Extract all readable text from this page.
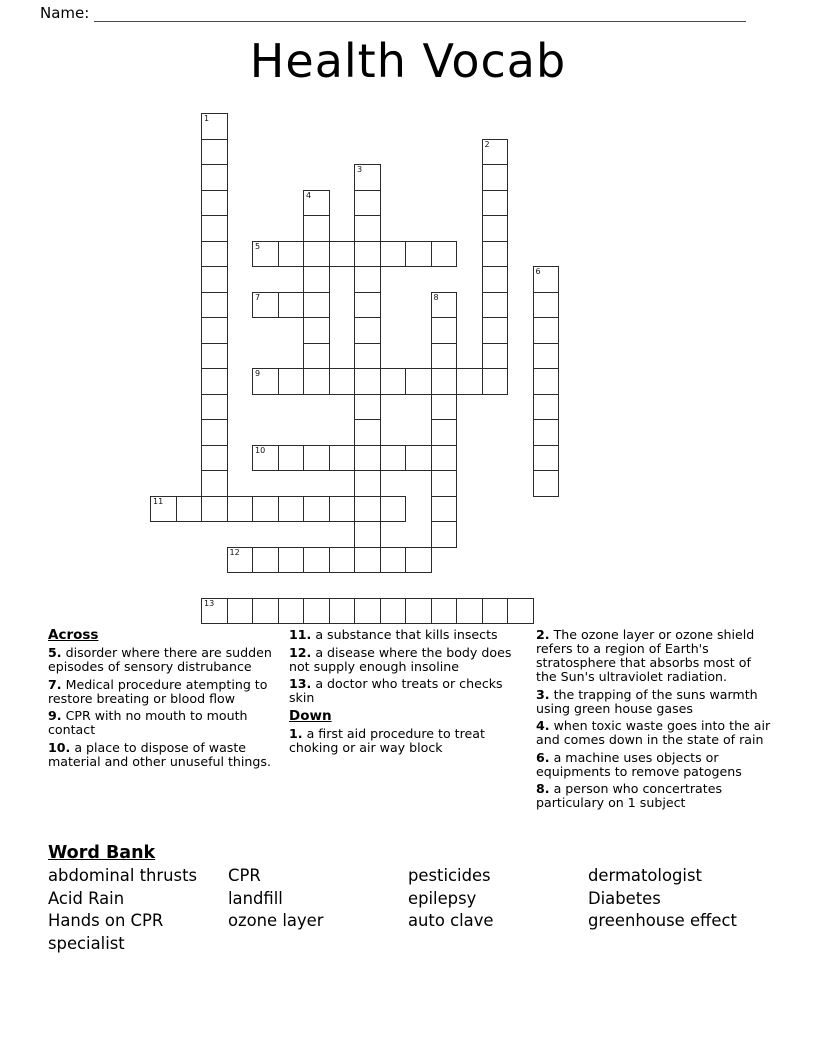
Name:
Health Vocab
1
2
3
4
5
6
7	8
9
10
11
12
13
Across

5. disorder where there are sudden episodes of sensory distrubance

7. Medical procedure atempting to restore breating or blood flow

9. CPR with no mouth to mouth contact

10. a place to dispose of waste material and other unuseful things.

11. a substance that kills insects

12. a disease where the body does not supply enough insoline

13. a doctor who treats or checks skin

Down

1. a first aid procedure to treat choking or air way block

2. The ozone layer or ozone shield refers to a region of Earth's stratosphere that absorbs most of the Sun's ultraviolet radiation.

3. the trapping of the suns warmth using green house gases

4. when toxic waste goes into the air and comes down in the state of rain

6. a machine uses objects or equipments to remove patogens

8. a person who concertrates particulary on 1 subject

Word Bank
abdominal thrusts	CPR	pesticides	dermatologist
Acid Rain	landfill	epilepsy	Diabetes
Hands on CPR	ozone layer	auto clave	greenhouse effect
specialist
